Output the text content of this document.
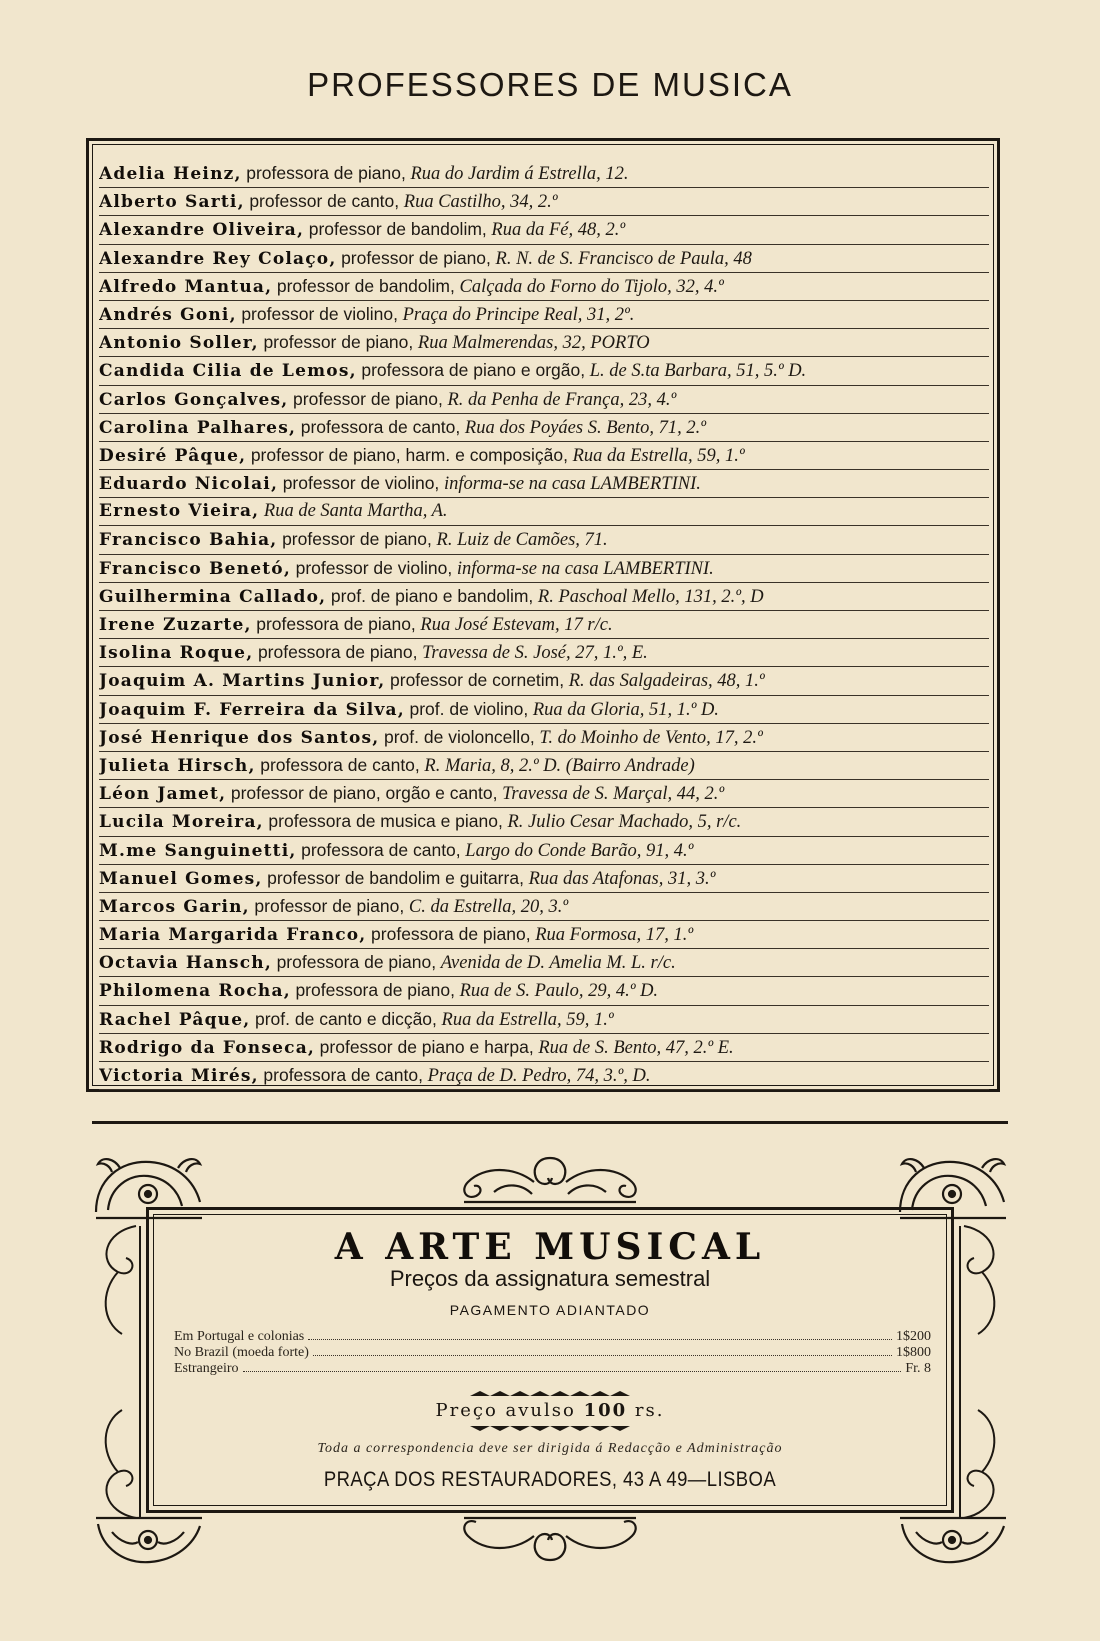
PROFESSORES DE MUSICA
Adelia Heinz, professora de piano, Rua do Jardim á Estrella, 12.
Alberto Sarti, professor de canto, Rua Castilho, 34, 2.º
Alexandre Oliveira, professor de bandolim, Rua da Fé, 48, 2.º
Alexandre Rey Colaço, professor de piano, R. N. de S. Francisco de Paula, 48
Alfredo Mantua, professor de bandolim, Calçada do Forno do Tijolo, 32, 4.º
Andrés Goni, professor de violino, Praça do Principe Real, 31, 2º.
Antonio Soller, professor de piano, Rua Malmerendas, 32, PORTO
Candida Cilia de Lemos, professora de piano e orgão, L. de S.ta Barbara, 51, 5.º D.
Carlos Gonçalves, professor de piano, R. da Penha de França, 23, 4.º
Carolina Palhares, professora de canto, Rua dos Poyáes S. Bento, 71, 2.º
Desiré Pâque, professor de piano, harm. e composição, Rua da Estrella, 59, 1.º
Eduardo Nicolai, professor de violino, informa-se na casa LAMBERTINI.
Ernesto Vieira, Rua de Santa Martha, A.
Francisco Bahia, professor de piano, R. Luiz de Camões, 71.
Francisco Benetó, professor de violino, informa-se na casa LAMBERTINI.
Guilhermina Callado, prof. de piano e bandolim, R. Paschoal Mello, 131, 2.º, D
Irene Zuzarte, professora de piano, Rua José Estevam, 17 r/c.
Isolina Roque, professora de piano, Travessa de S. José, 27, 1.º, E.
Joaquim A. Martins Junior, professor de cornetim, R. das Salgadeiras, 48, 1.º
Joaquim F. Ferreira da Silva, prof. de violino, Rua da Gloria, 51, 1.º D.
José Henrique dos Santos, prof. de violoncello, T. do Moinho de Vento, 17, 2.º
Julieta Hirsch, professora de canto, R. Maria, 8, 2.º D. (Bairro Andrade)
Léon Jamet, professor de piano, orgão e canto, Travessa de S. Marçal, 44, 2.º
Lucila Moreira, professora de musica e piano, R. Julio Cesar Machado, 5, r/c.
M.me Sanguinetti, professora de canto, Largo do Conde Barão, 91, 4.º
Manuel Gomes, professor de bandolim e guitarra, Rua das Atafonas, 31, 3.º
Marcos Garin, professor de piano, C. da Estrella, 20, 3.º
Maria Margarida Franco, professora de piano, Rua Formosa, 17, 1.º
Octavia Hansch, professora de piano, Avenida de D. Amelia M. L. r/c.
Philomena Rocha, professora de piano, Rua de S. Paulo, 29, 4.º D.
Rachel Pâque, prof. de canto e dicção, Rua da Estrella, 59, 1.º
Rodrigo da Fonseca, professor de piano e harpa, Rua de S. Bento, 47, 2.º E.
Victoria Mirés, professora de canto, Praça de D. Pedro, 74, 3.º, D.
A ARTE MUSICAL
Preços da assignatura semestral
PAGAMENTO ADIANTADO
Em Portugal e colonias	1$200
No Brazil (moeda forte)	1$800
Estrangeiro	Fr. 8
Preço avulso 100 rs.
Toda a correspondencia deve ser dirigida á Redacção e Administração
PRAÇA DOS RESTAURADORES, 43 A 49—LISBOA
